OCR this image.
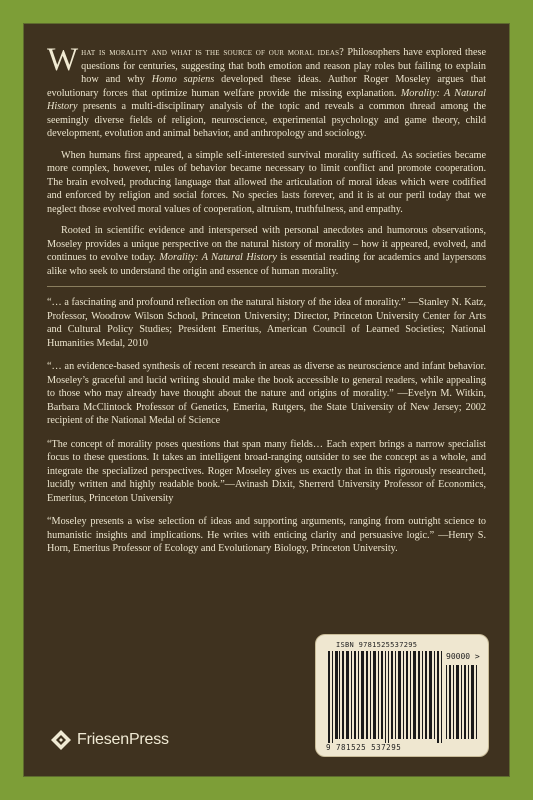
What is morality and what is the source of our moral ideas? Philosophers have explored these questions for centuries, suggesting that both emotion and reason play roles but failing to explain how and why Homo sapiens developed these ideas. Author Roger Moseley argues that evolutionary forces that optimize human welfare provide the missing explanation. Morality: A Natural History presents a multi-disciplinary analysis of the topic and reveals a common thread among the seemingly diverse fields of religion, neuroscience, experimental psychology and game theory, child development, evolution and animal behavior, and anthropology and sociology.

When humans first appeared, a simple self-interested survival morality sufficed. As societies became more complex, however, rules of behavior became necessary to limit conflict and promote cooperation. The brain evolved, producing language that allowed the articulation of moral ideas which were codified and enforced by religion and social forces. No species lasts forever, and it is at our peril today that we neglect those evolved moral values of cooperation, altruism, truthfulness, and empathy.

Rooted in scientific evidence and interspersed with personal anecdotes and humorous observations, Moseley provides a unique perspective on the natural history of morality – how it appeared, evolved, and continues to evolve today. Morality: A Natural History is essential reading for academics and laypersons alike who seek to understand the origin and essence of human morality.

“… a fascinating and profound reflection on the natural history of the idea of morality.” —Stanley N. Katz, Professor, Woodrow Wilson School, Princeton University; Director, Princeton University Center for Arts and Cultural Policy Studies; President Emeritus, American Council of Learned Societies; National Humanities Medal, 2010

“… an evidence-based synthesis of recent research in areas as diverse as neuroscience and infant behavior. Moseley’s graceful and lucid writing should make the book accessible to general readers, while appealing to those who may already have thought about the nature and origins of morality.” —Evelyn M. Witkin, Barbara McClintock Professor of Genetics, Emerita, Rutgers, the State University of New Jersey; 2002 recipient of the National Medal of Science

“The concept of morality poses questions that span many fields… Each expert brings a narrow specialist focus to these questions. It takes an intelligent broad-ranging outsider to see the concept as a whole, and integrate the specialized perspectives. Roger Moseley gives us exactly that in this rigorously researched, lucidly written and highly readable book.”—Avinash Dixit, Sherrerd University Professor of Economics, Emeritus, Princeton University

“Moseley presents a wise selection of ideas and supporting arguments, ranging from outright science to humanistic insights and implications. He writes with enticing clarity and persuasive logic.” —Henry S. Horn, Emeritus Professor of Ecology and Evolutionary Biology, Princeton University.

FriesenPress
ISBN 9781525537295
90000 >
9 781525 537295
